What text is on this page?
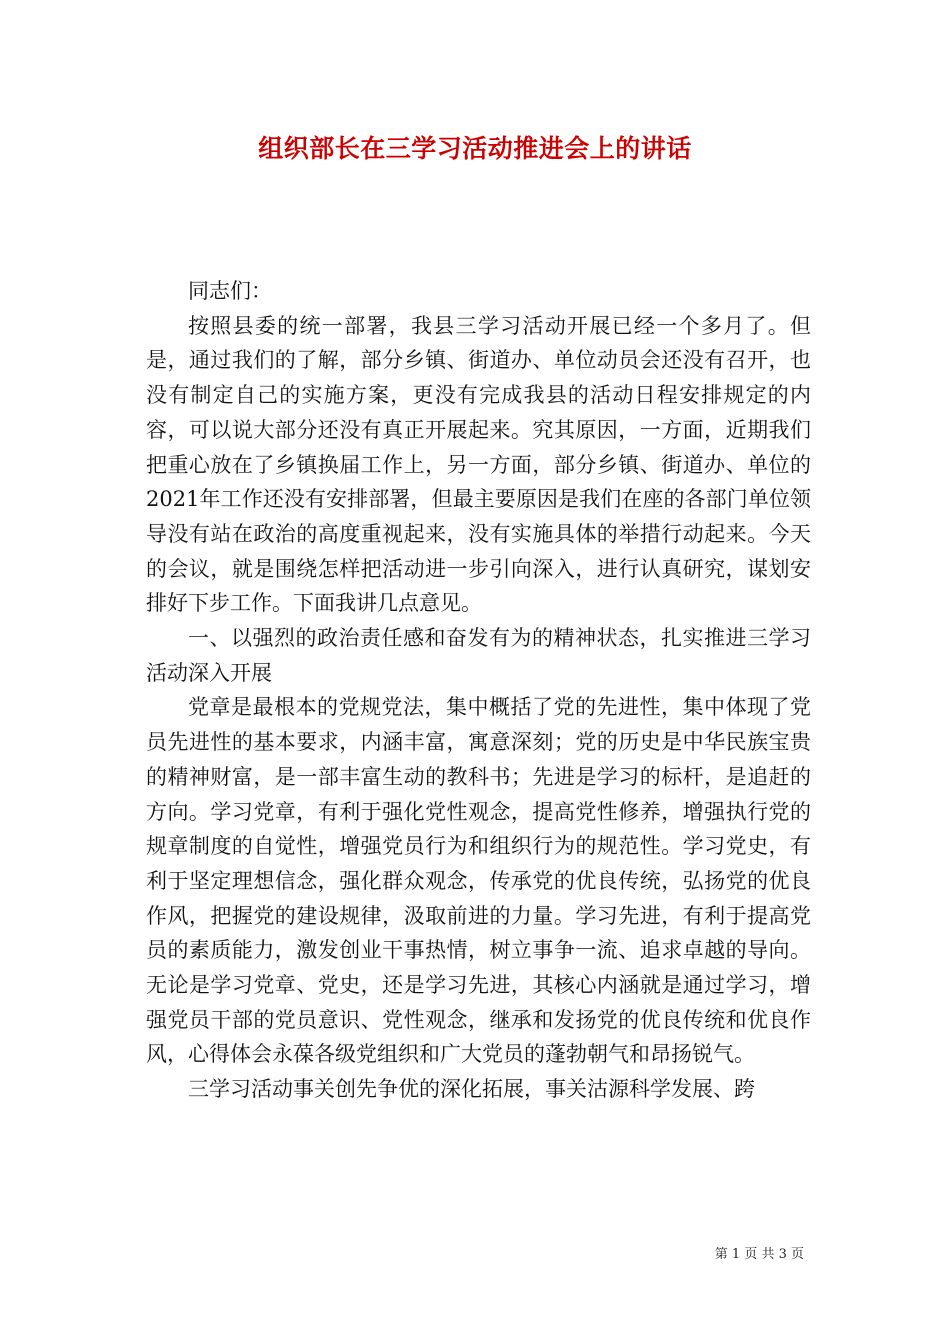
组织部长在三学习活动推进会上的讲话

同志们：

按照县委的统一部署，我县三学习活动开展已经一个多月了。但是，通过我们的了解，部分乡镇、街道办、单位动员会还没有召开，也没有制定自己的实施方案，更没有完成我县的活动日程安排规定的内容，可以说大部分还没有真正开展起来。究其原因，一方面，近期我们把重心放在了乡镇换届工作上，另一方面，部分乡镇、街道办、单位的2021年工作还没有安排部署，但最主要原因是我们在座的各部门单位领导没有站在政治的高度重视起来，没有实施具体的举措行动起来。今天的会议，就是围绕怎样把活动进一步引向深入，进行认真研究，谋划安排好下步工作。下面我讲几点意见。

一、以强烈的政治责任感和奋发有为的精神状态，扎实推进三学习活动深入开展

党章是最根本的党规党法，集中概括了党的先进性，集中体现了党员先进性的基本要求，内涵丰富，寓意深刻；党的历史是中华民族宝贵的精神财富，是一部丰富生动的教科书；先进是学习的标杆，是追赶的方向。学习党章，有利于强化党性观念，提高党性修养，增强执行党的规章制度的自觉性，增强党员行为和组织行为的规范性。学习党史，有利于坚定理想信念，强化群众观念，传承党的优良传统，弘扬党的优良作风，把握党的建设规律，汲取前进的力量。学习先进，有利于提高党员的素质能力，激发创业干事热情，树立事争一流、追求卓越的导向。无论是学习党章、党史，还是学习先进，其核心内涵就是通过学习，增强党员干部的党员意识、党性观念，继承和发扬党的优良传统和优良作风，心得体会永葆各级党组织和广大党员的蓬勃朝气和昂扬锐气。

三学习活动事关创先争优的深化拓展，事关沽源科学发展、跨

第 1 页 共 3 页
